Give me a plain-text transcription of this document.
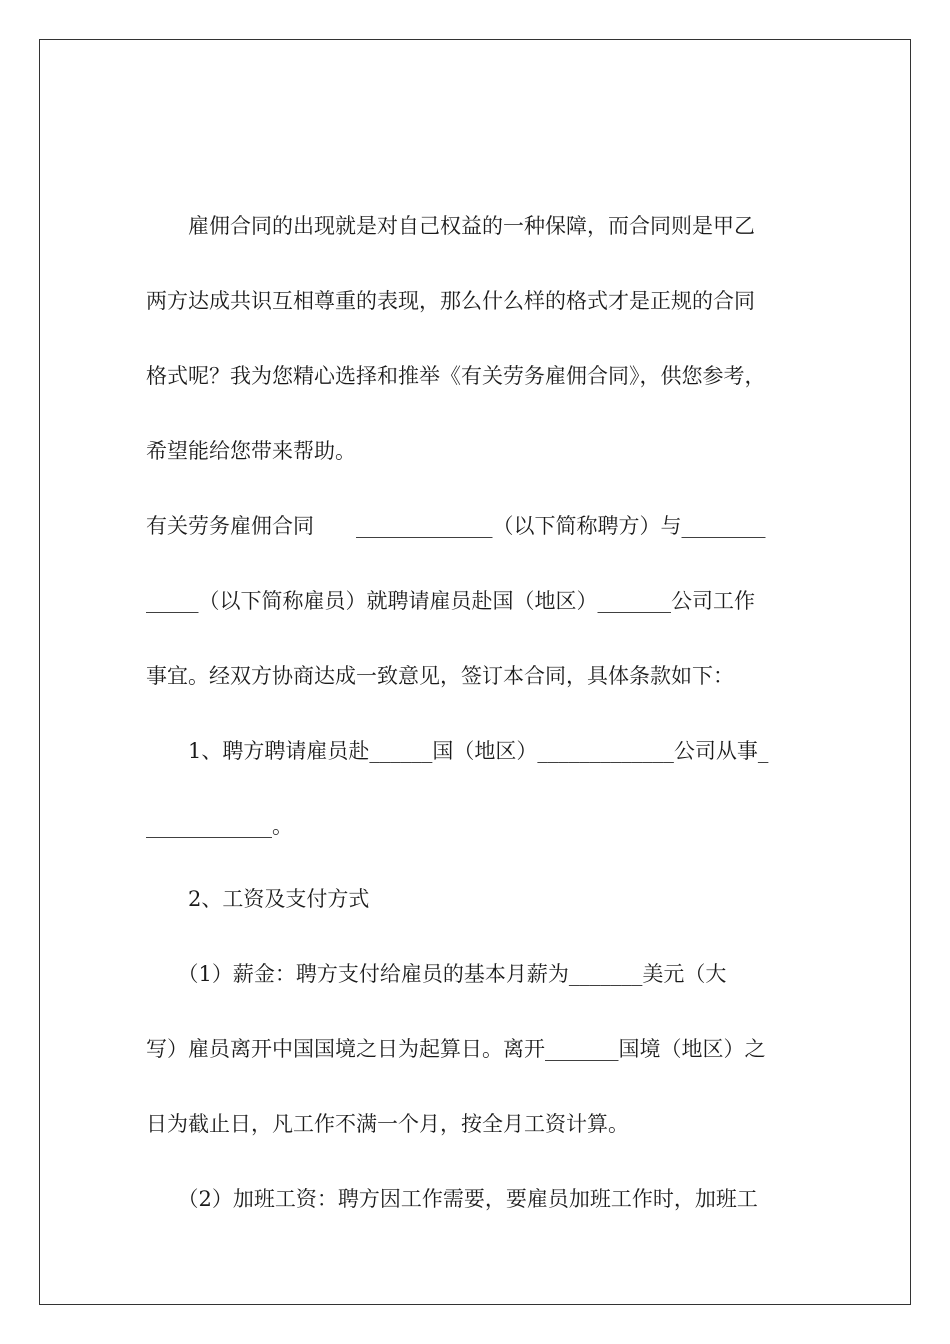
　　雇佣合同的出现就是对自己权益的一种保障，而合同则是甲乙

两方达成共识互相尊重的表现，那么什么样的格式才是正规的合同

格式呢？我为您精心选择和推举《有关劳务雇佣合同》，供您参考，

希望能给您带来帮助。

有关劳务雇佣合同　　_____________（以下简称聘方）与________

_____（以下简称雇员）就聘请雇员赴国（地区）_______公司工作

事宜。经双方协商达成一致意见，签订本合同，具体条款如下：

　　1、聘方聘请雇员赴______国（地区）_____________公司从事_

____________。

　　2、工资及支付方式

　　（1）薪金：聘方支付给雇员的基本月薪为_______美元（大

写）雇员离开中国国境之日为起算日。离开_______国境（地区）之

日为截止日，凡工作不满一个月，按全月工资计算。

　　（2）加班工资：聘方因工作需要，要雇员加班工作时，加班工
